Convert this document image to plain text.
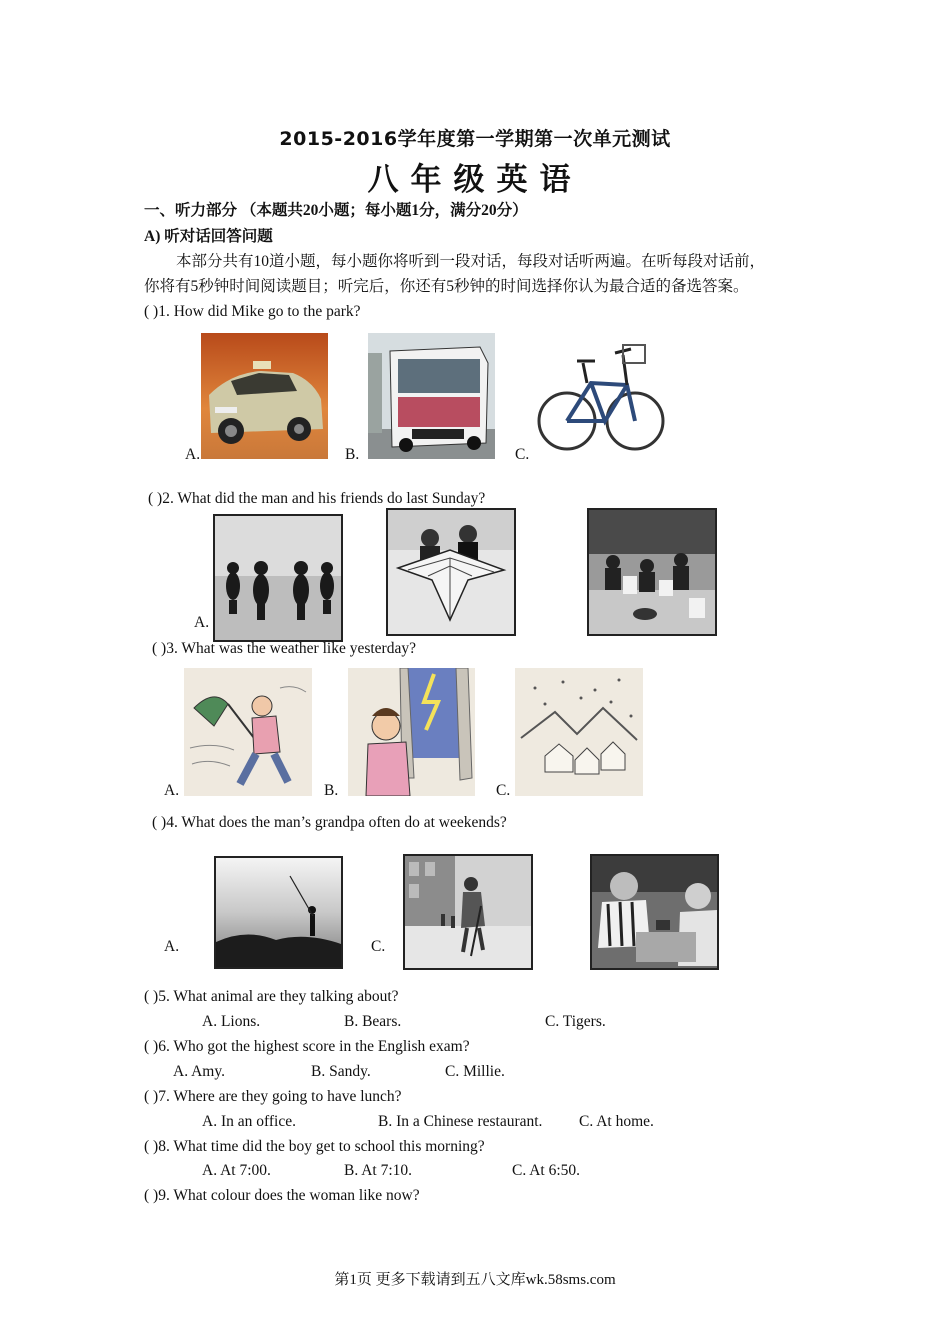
2015-2016学年度第一学期第一次单元测试
八年级英语
一、听力部分 （本题共20小题；每小题1分，满分20分）
A) 听对话回答问题
本部分共有10道小题，每小题你将听到一段对话，每段对话听两遍。在听每段对话前，
你将有5秒钟时间阅读题目；听完后，你还有5秒钟的时间选择你认为最合适的备选答案。
( )1. How did Mike go to the park?
A.	B.	C.
( )2. What did the man and his friends do last Sunday?
A.
( )3. What was the weather like yesterday?
A.	B.	C.
( )4. What does the man’s grandpa often do at weekends?
A.	C.
( )5. What animal are they talking about?
A. Lions.	B. Bears.	C. Tigers.
( )6. Who got the highest score in the English exam?
A. Amy.	B. Sandy.	C. Millie.
( )7. Where are they going to have lunch?
A. In an office.	B. In a Chinese restaurant. C. At home.
( )8. What time did the boy get to school this morning?
A. At 7:00.	B. At 7:10.	C. At 6:50.
( )9. What colour does the woman like now?
第1页 更多下载请到五八文库wk.58sms.com
